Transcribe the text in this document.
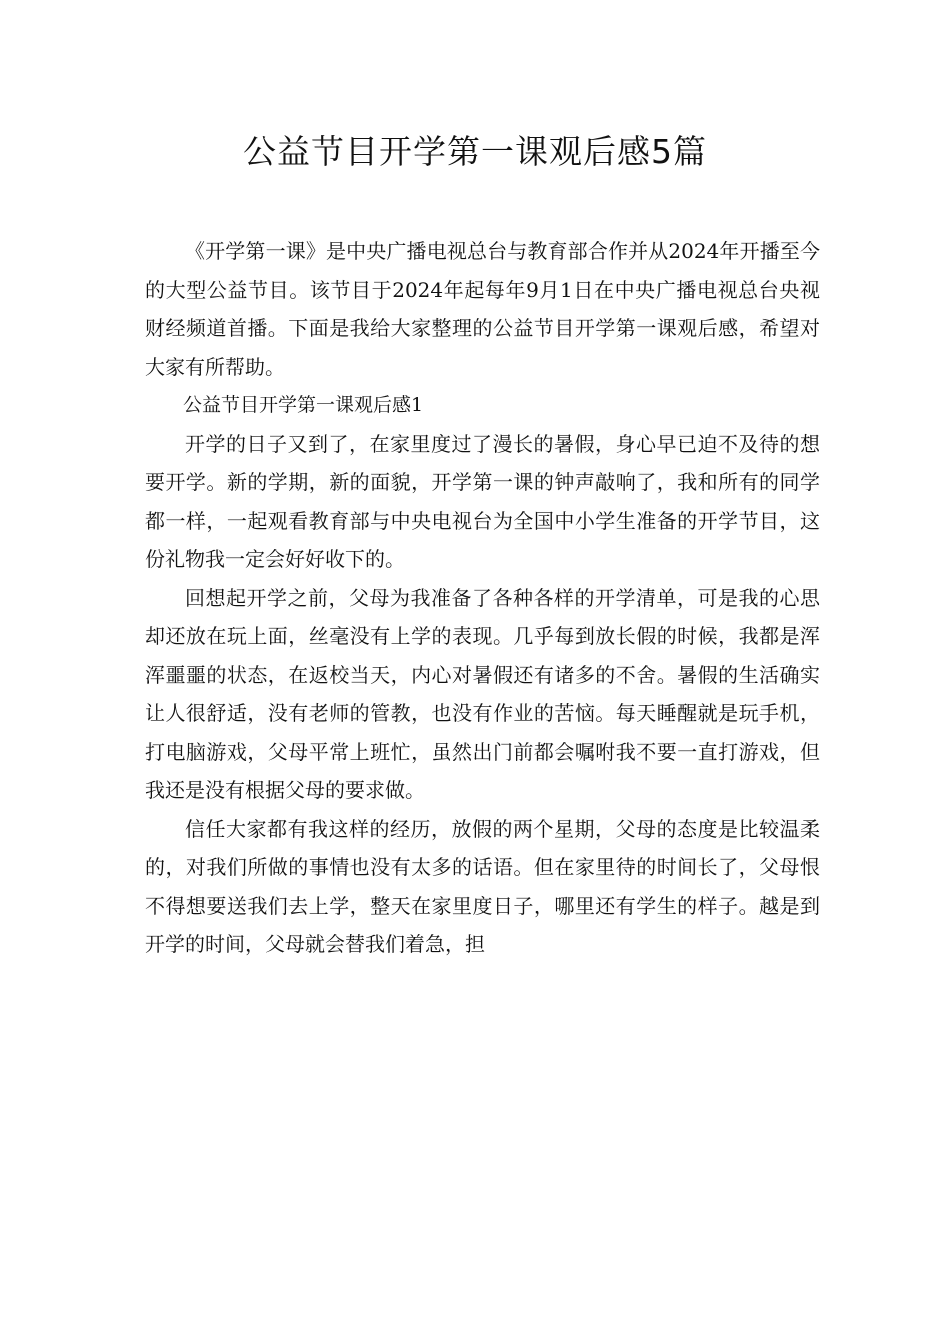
公益节目开学第一课观后感5篇

《开学第一课》是中央广播电视总台与教育部合作并从2024年开播至今的大型公益节目。该节目于2024年起每年9月1日在中央广播电视总台央视财经频道首播。下面是我给大家整理的公益节目开学第一课观后感，希望对大家有所帮助。

公益节目开学第一课观后感1

开学的日子又到了，在家里度过了漫长的暑假，身心早已迫不及待的想要开学。新的学期，新的面貌，开学第一课的钟声敲响了，我和所有的同学都一样，一起观看教育部与中央电视台为全国中小学生准备的开学节目，这份礼物我一定会好好收下的。

回想起开学之前，父母为我准备了各种各样的开学清单，可是我的心思却还放在玩上面，丝毫没有上学的表现。几乎每到放长假的时候，我都是浑浑噩噩的状态，在返校当天，内心对暑假还有诸多的不舍。暑假的生活确实让人很舒适，没有老师的管教，也没有作业的苦恼。每天睡醒就是玩手机，打电脑游戏，父母平常上班忙，虽然出门前都会嘱咐我不要一直打游戏，但我还是没有根据父母的要求做。

信任大家都有我这样的经历，放假的两个星期，父母的态度是比较温柔的，对我们所做的事情也没有太多的话语。但在家里待的时间长了，父母恨不得想要送我们去上学，整天在家里度日子，哪里还有学生的样子。越是到开学的时间，父母就会替我们着急，担
